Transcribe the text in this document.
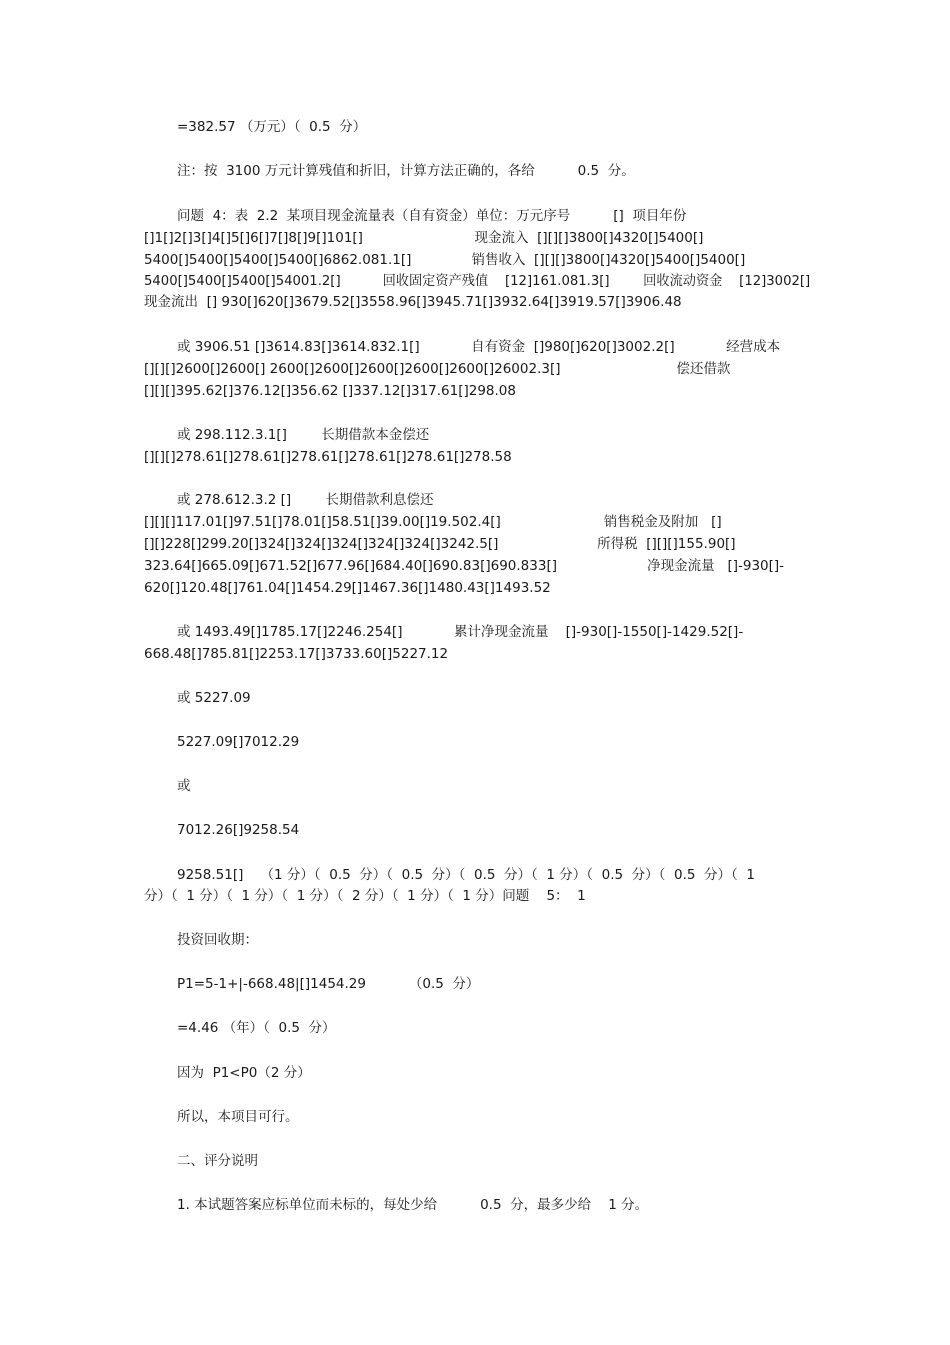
=382.57 （万元）（  0.5  分）
注：按  3100 万元计算残值和折旧，计算方法正确的，各给          0.5  分。
问题  4：表  2.2  某项目现金流量表（自有资金）单位：万元序号          []  项目年份
[]1[]2[]3[]4[]5[]6[]7[]8[]9[]101[]                          现金流入  [][][]3800[]4320[]5400[]
5400[]5400[]5400[]5400[]6862.081.1[]              销售收入  [][][]3800[]4320[]5400[]5400[]
5400[]5400[]5400[]54001.2[]          回收固定资产残值    [12]161.081.3[]        回收流动资金    [12]3002[]
现金流出  [] 930[]620[]3679.52[]3558.96[]3945.71[]3932.64[]3919.57[]3906.48
或 3906.51 []3614.83[]3614.832.1[]            自有资金  []980[]620[]3002.2[]            经营成本
[][][]2600[]2600[] 2600[]2600[]2600[]2600[]2600[]26002.3[]                           偿还借款
[][][]395.62[]376.12[]356.62 []337.12[]317.61[]298.08
或 298.112.3.1[]        长期借款本金偿还
[][][]278.61[]278.61[]278.61[]278.61[]278.61[]278.58
或 278.612.3.2 []        长期借款利息偿还
[][][]117.01[]97.51[]78.01[]58.51[]39.00[]19.502.4[]                        销售税金及附加   []
[][]228[]299.20[]324[]324[]324[]324[]324[]3242.5[]                       所得税  [][][]155.90[]
323.64[]665.09[]671.52[]677.96[]684.40[]690.83[]690.833[]                     净现金流量   []-930[]-
620[]120.48[]761.04[]1454.29[]1467.36[]1480.43[]1493.52
或 1493.49[]1785.17[]2246.254[]            累计净现金流量    []-930[]-1550[]-1429.52[]-
668.48[]785.81[]2253.17[]3733.60[]5227.12
或 5227.09
5227.09[]7012.29
或
7012.26[]9258.54
9258.51[]    （1 分）（  0.5  分）（  0.5  分）（  0.5  分）（  1 分）（  0.5  分）（  0.5  分）（  1
分）（  1 分）（  1 分）（  1 分）（  2 分）（  1 分）（  1 分）问题    5：  1
投资回收期：
P1=5-1+|-668.48|[]1454.29          （0.5  分）
=4.46 （年）（  0.5  分）
因为  P1<P0（2 分）
所以，本项目可行。
二、评分说明
1. 本试题答案应标单位而未标的，每处少给          0.5  分，最多少给    1 分。
